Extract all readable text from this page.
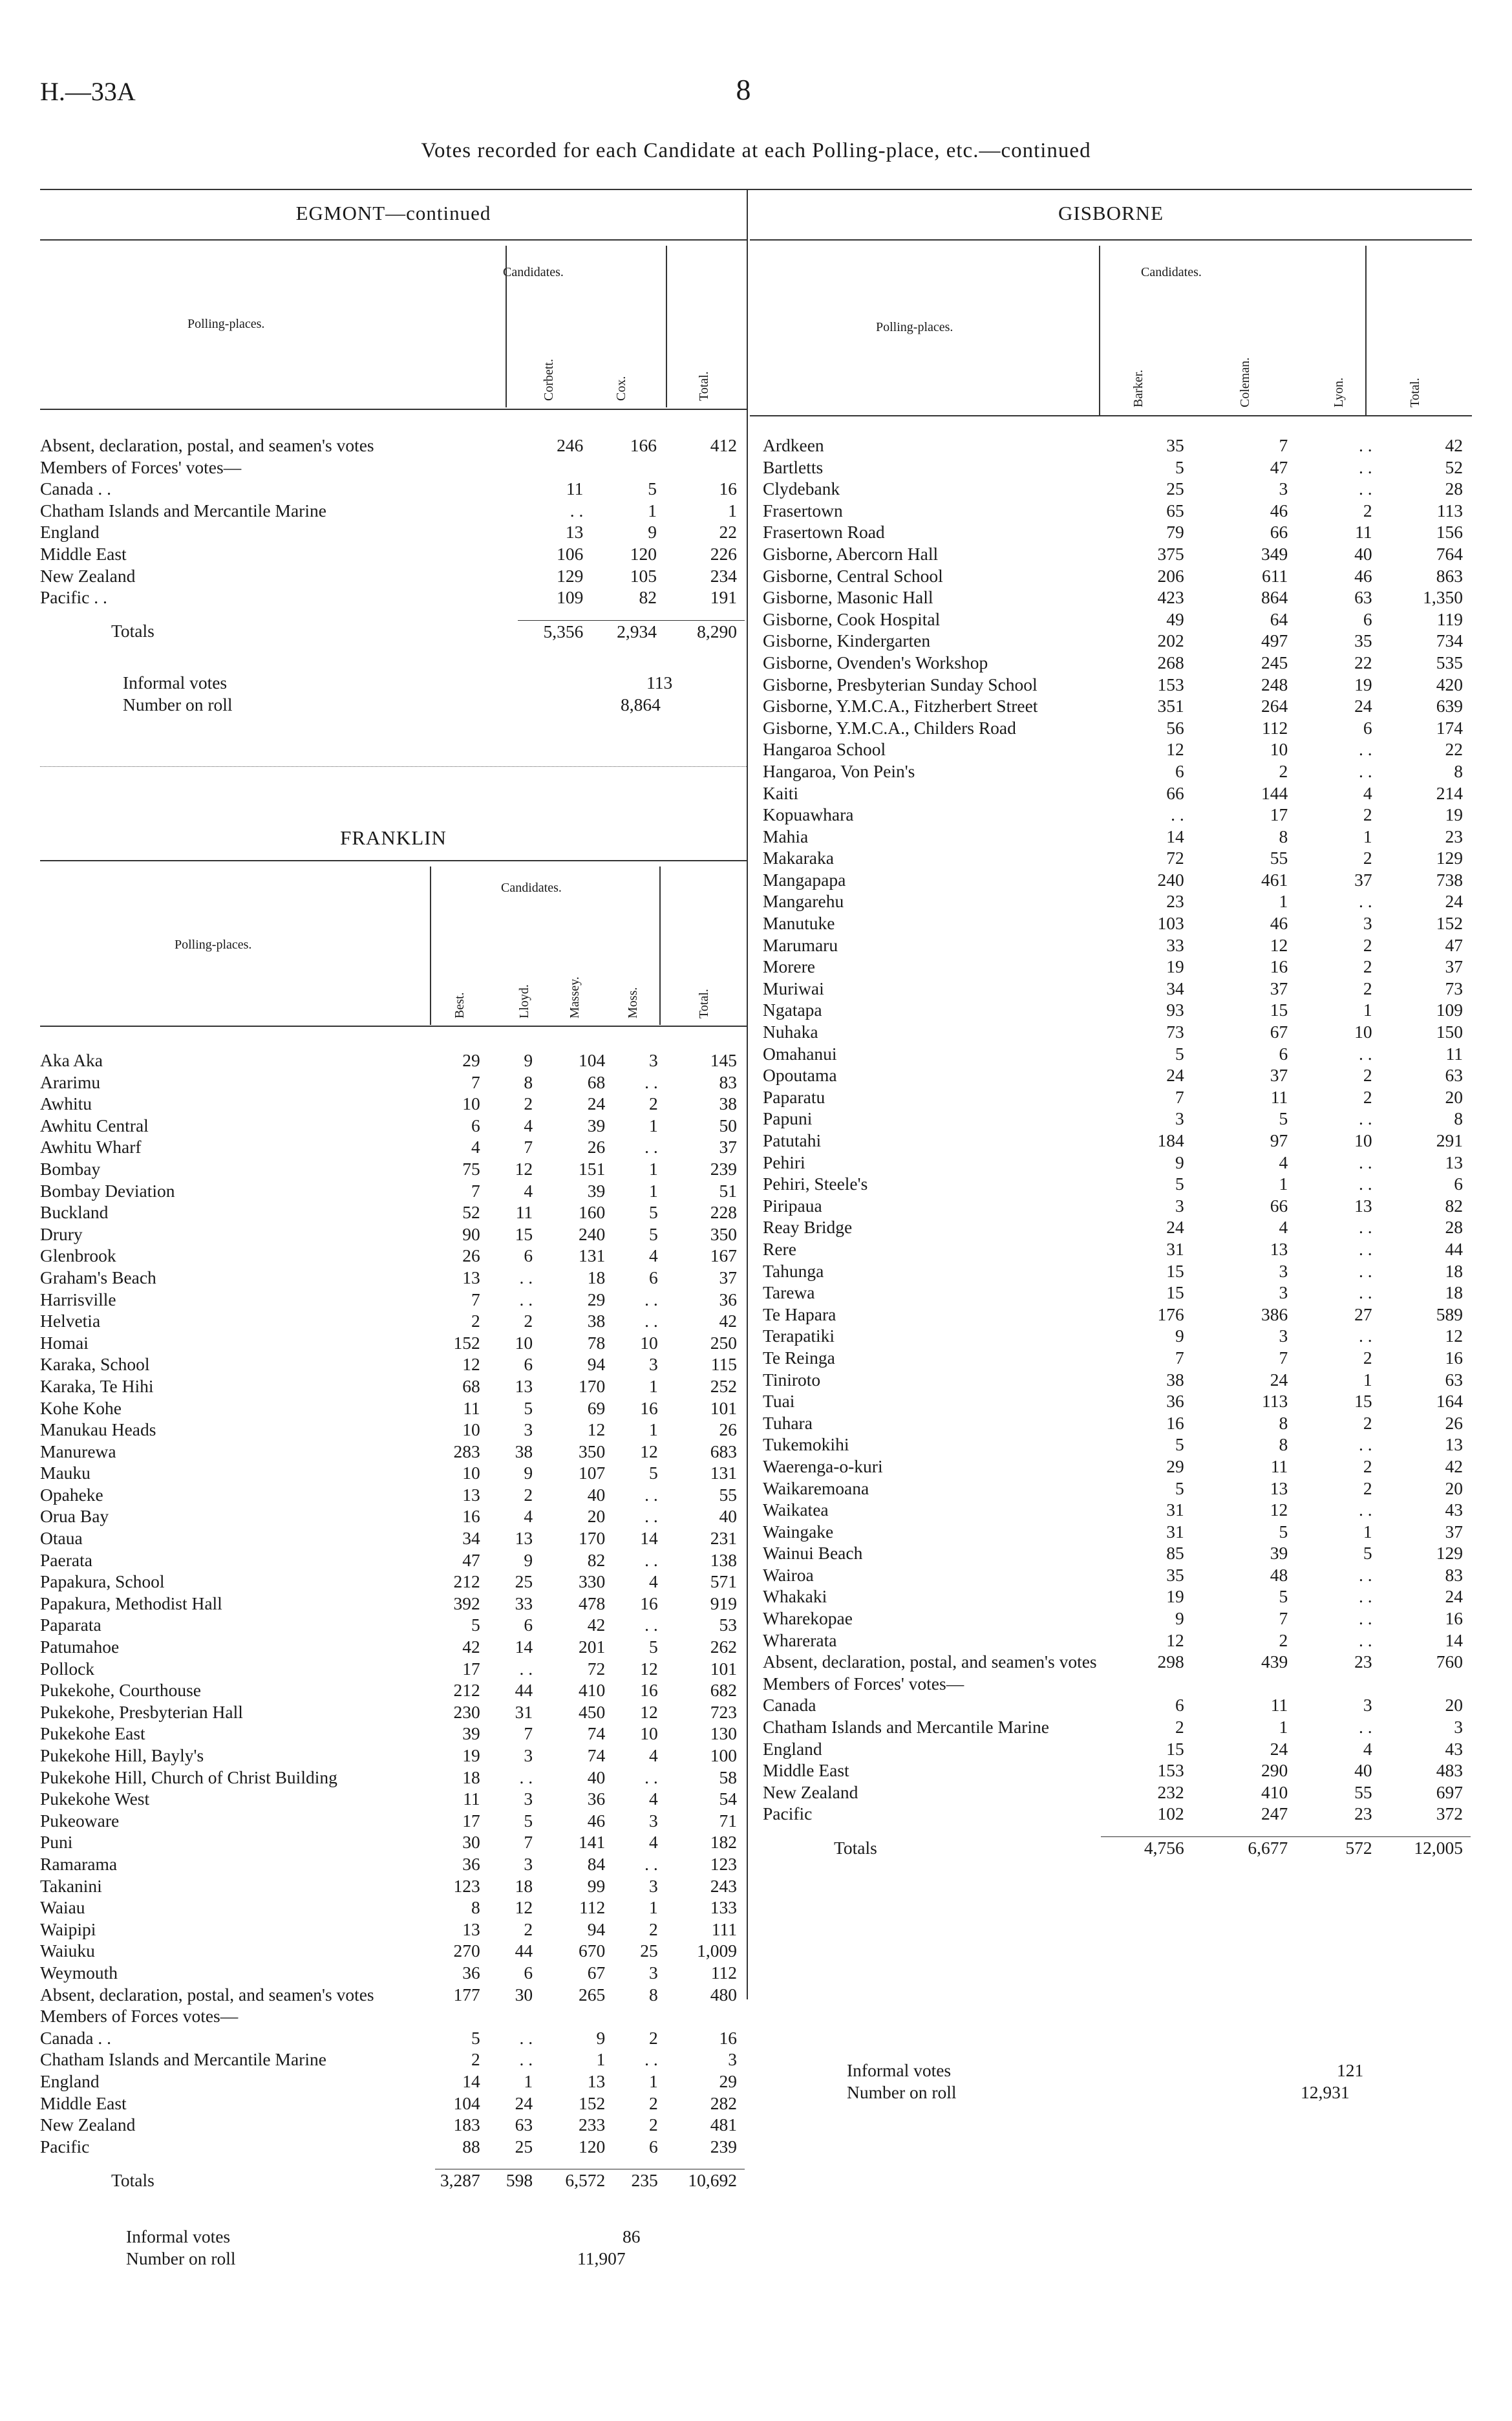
H.—33A	8
Votes recorded for each Candidate at each Polling-place, etc.—continued
EGMONT—continued
Polling-places.
Candidates.
Corbett.	Cox.	Total.
Absent, declaration, postal, and seamen's votes	246	166	412
Members of Forces' votes—			
Canada . .	11	5	16
Chatham Islands and Mercantile Marine	. .	1	1
England	13	9	22
Middle East	106	120	226
New Zealand	129	105	234
Pacific . .	109	82	191

Totals	5,356	2,934	8,290
Informal votes	113
Number on roll	8,864
FRANKLIN
Polling-places.
Candidates.
Best.	Lloyd.	Massey.	Moss.	Total.
Aka Aka	29	9	104	3	145
Ararimu	7	8	68	. .	83
Awhitu	10	2	24	2	38
Awhitu Central	6	4	39	1	50
Awhitu Wharf	4	7	26	. .	37
Bombay	75	12	151	1	239
Bombay Deviation	7	4	39	1	51
Buckland	52	11	160	5	228
Drury	90	15	240	5	350
Glenbrook	26	6	131	4	167
Graham's Beach	13	. .	18	6	37
Harrisville	7	. .	29	. .	36
Helvetia	2	2	38	. .	42
Homai	152	10	78	10	250
Karaka, School	12	6	94	3	115
Karaka, Te Hihi	68	13	170	1	252
Kohe Kohe	11	5	69	16	101
Manukau Heads	10	3	12	1	26
Manurewa	283	38	350	12	683
Mauku	10	9	107	5	131
Opaheke	13	2	40	. .	55
Orua Bay	16	4	20	. .	40
Otaua	34	13	170	14	231
Paerata	47	9	82	. .	138
Papakura, School	212	25	330	4	571
Papakura, Methodist Hall	392	33	478	16	919
Paparata	5	6	42	. .	53
Patumahoe	42	14	201	5	262
Pollock	17	. .	72	12	101
Pukekohe, Courthouse	212	44	410	16	682
Pukekohe, Presbyterian Hall	230	31	450	12	723
Pukekohe East	39	7	74	10	130
Pukekohe Hill, Bayly's	19	3	74	4	100
Pukekohe Hill, Church of Christ Building	18	. .	40	. .	58
Pukekohe West	11	3	36	4	54
Pukeoware	17	5	46	3	71
Puni	30	7	141	4	182
Ramarama	36	3	84	. .	123
Takanini	123	18	99	3	243
Waiau	8	12	112	1	133
Waipipi	13	2	94	2	111
Waiuku	270	44	670	25	1,009
Weymouth	36	6	67	3	112
Absent, declaration, postal, and seamen's votes	177	30	265	8	480
Members of Forces votes—					
Canada . .	5	. .	9	2	16
Chatham Islands and Mercantile Marine	2	. .	1	. .	3
England	14	1	13	1	29
Middle East	104	24	152	2	282
New Zealand	183	63	233	2	481
Pacific	88	25	120	6	239

Totals	3,287	598	6,572	235	10,692
Informal votes	86
Number on roll	11,907
GISBORNE
Polling-places.
Candidates.
Barker.	Coleman.	Lyon.	Total.
Ardkeen	35	7	. .	42
Bartletts	5	47	. .	52
Clydebank	25	3	. .	28
Frasertown	65	46	2	113
Frasertown Road	79	66	11	156
Gisborne, Abercorn Hall	375	349	40	764
Gisborne, Central School	206	611	46	863
Gisborne, Masonic Hall	423	864	63	1,350
Gisborne, Cook Hospital	49	64	6	119
Gisborne, Kindergarten	202	497	35	734
Gisborne, Ovenden's Workshop	268	245	22	535
Gisborne, Presbyterian Sunday School	153	248	19	420
Gisborne, Y.M.C.A., Fitzherbert Street	351	264	24	639
Gisborne, Y.M.C.A., Childers Road	56	112	6	174
Hangaroa School	12	10	. .	22
Hangaroa, Von Pein's	6	2	. .	8
Kaiti	66	144	4	214
Kopuawhara	. .	17	2	19
Mahia	14	8	1	23
Makaraka	72	55	2	129
Mangapapa	240	461	37	738
Mangarehu	23	1	. .	24
Manutuke	103	46	3	152
Marumaru	33	12	2	47
Morere	19	16	2	37
Muriwai	34	37	2	73
Ngatapa	93	15	1	109
Nuhaka	73	67	10	150
Omahanui	5	6	. .	11
Opoutama	24	37	2	63
Paparatu	7	11	2	20
Papuni	3	5	. .	8
Patutahi	184	97	10	291
Pehiri	9	4	. .	13
Pehiri, Steele's	5	1	. .	6
Piripaua	3	66	13	82
Reay Bridge	24	4	. .	28
Rere	31	13	. .	44
Tahunga	15	3	. .	18
Tarewa	15	3	. .	18
Te Hapara	176	386	27	589
Terapatiki	9	3	. .	12
Te Reinga	7	7	2	16
Tiniroto	38	24	1	63
Tuai	36	113	15	164
Tuhara	16	8	2	26
Tukemokihi	5	8	. .	13
Waerenga-o-kuri	29	11	2	42
Waikaremoana	5	13	2	20
Waikatea	31	12	. .	43
Waingake	31	5	1	37
Wainui Beach	85	39	5	129
Wairoa	35	48	. .	83
Whakaki	19	5	. .	24
Wharekopae	9	7	. .	16
Wharerata	12	2	. .	14
Absent, declaration, postal, and seamen's votes	298	439	23	760
Members of Forces' votes—				
Canada	6	11	3	20
Chatham Islands and Mercantile Marine	2	1	. .	3
England	15	24	4	43
Middle East	153	290	40	483
New Zealand	232	410	55	697
Pacific	102	247	23	372

Totals	4,756	6,677	572	12,005
Informal votes	121
Number on roll	12,931
